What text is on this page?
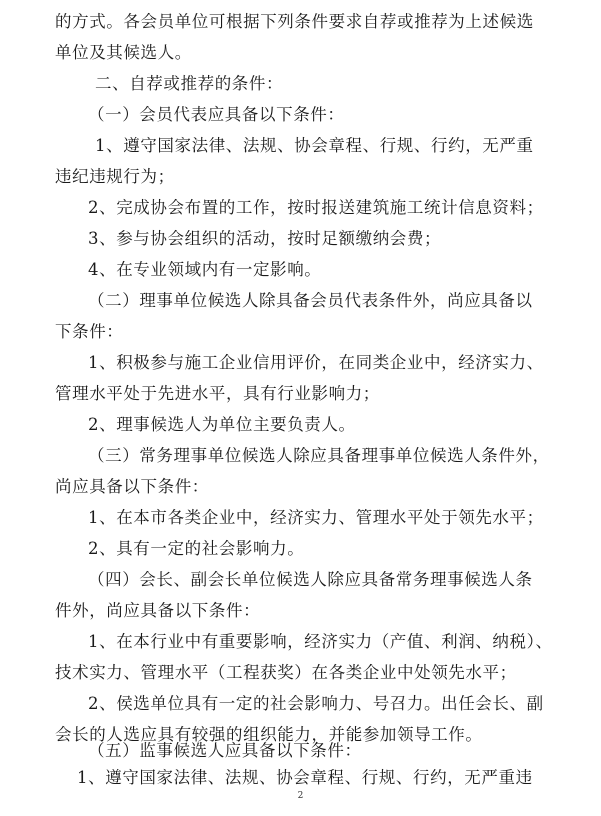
的方式。各会员单位可根据下列条件要求自荐或推荐为上述候选
单位及其候选人。

二、自荐或推荐的条件：

（一）会员代表应具备以下条件：

1、遵守国家法律、法规、协会章程、行规、行约，无严重
违纪违规行为；

2、完成协会布置的工作，按时报送建筑施工统计信息资料；

3、参与协会组织的活动，按时足额缴纳会费；

4、在专业领域内有一定影响。

（二）理事单位候选人除具备会员代表条件外，尚应具备以
下条件：

1、积极参与施工企业信用评价，在同类企业中，经济实力、
管理水平处于先进水平，具有行业影响力；

2、理事候选人为单位主要负责人。

（三）常务理事单位候选人除应具备理事单位候选人条件外，
尚应具备以下条件：

1、在本市各类企业中，经济实力、管理水平处于领先水平；

2、具有一定的社会影响力。

（四）会长、副会长单位候选人除应具备常务理事候选人条
件外，尚应具备以下条件：

1、在本行业中有重要影响，经济实力（产值、利润、纳税）、
技术实力、管理水平（工程获奖）在各类企业中处领先水平；

2、侯选单位具有一定的社会影响力、号召力。出任会长、副
会长的人选应具有较强的组织能力，并能参加领导工作。

（五）监事候选人应具备以下条件：

1、遵守国家法律、法规、协会章程、行规、行约，无严重违

2
